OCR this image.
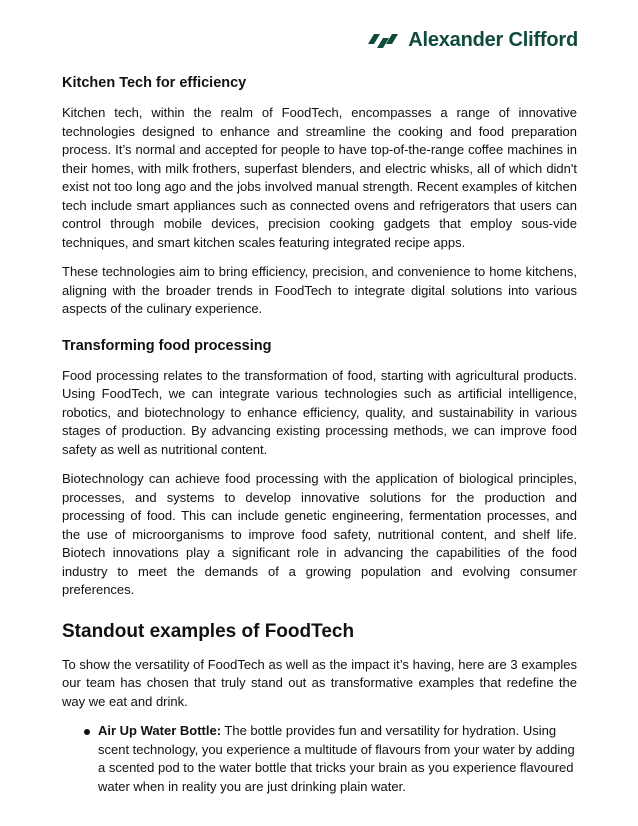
Alexander Clifford
Kitchen Tech for efficiency

Kitchen tech, within the realm of FoodTech, encompasses a range of innovative technologies designed to enhance and streamline the cooking and food preparation process. It’s normal and accepted for people to have top-of-the-range coffee machines in their homes, with milk frothers, superfast blenders, and electric whisks, all of which didn't exist not too long ago and the jobs involved manual strength. Recent examples of kitchen tech include smart appliances such as connected ovens and refrigerators that users can control through mobile devices, precision cooking gadgets that employ sous-vide techniques, and smart kitchen scales featuring integrated recipe apps.

These technologies aim to bring efficiency, precision, and convenience to home kitchens, aligning with the broader trends in FoodTech to integrate digital solutions into various aspects of the culinary experience.

Transforming food processing

Food processing relates to the transformation of food, starting with agricultural products. Using FoodTech, we can integrate various technologies such as artificial intelligence, robotics, and biotechnology to enhance efficiency, quality, and sustainability in various stages of production. By advancing existing processing methods, we can improve food safety as well as nutritional content.

Biotechnology can achieve food processing with the application of biological principles, processes, and systems to develop innovative solutions for the production and processing of food. This can include genetic engineering, fermentation processes, and the use of microorganisms to improve food safety, nutritional content, and shelf life. Biotech innovations play a significant role in advancing the capabilities of the food industry to meet the demands of a growing population and evolving consumer preferences.

Standout examples of FoodTech

To show the versatility of FoodTech as well as the impact it’s having, here are 3 examples our team has chosen that truly stand out as transformative examples that redefine the way we eat and drink.

Air Up Water Bottle: The bottle provides fun and versatility for hydration. Using scent technology, you experience a multitude of flavours from your water by adding a scented pod to the water bottle that tricks your brain as you experience flavoured water when in reality you are just drinking plain water.
